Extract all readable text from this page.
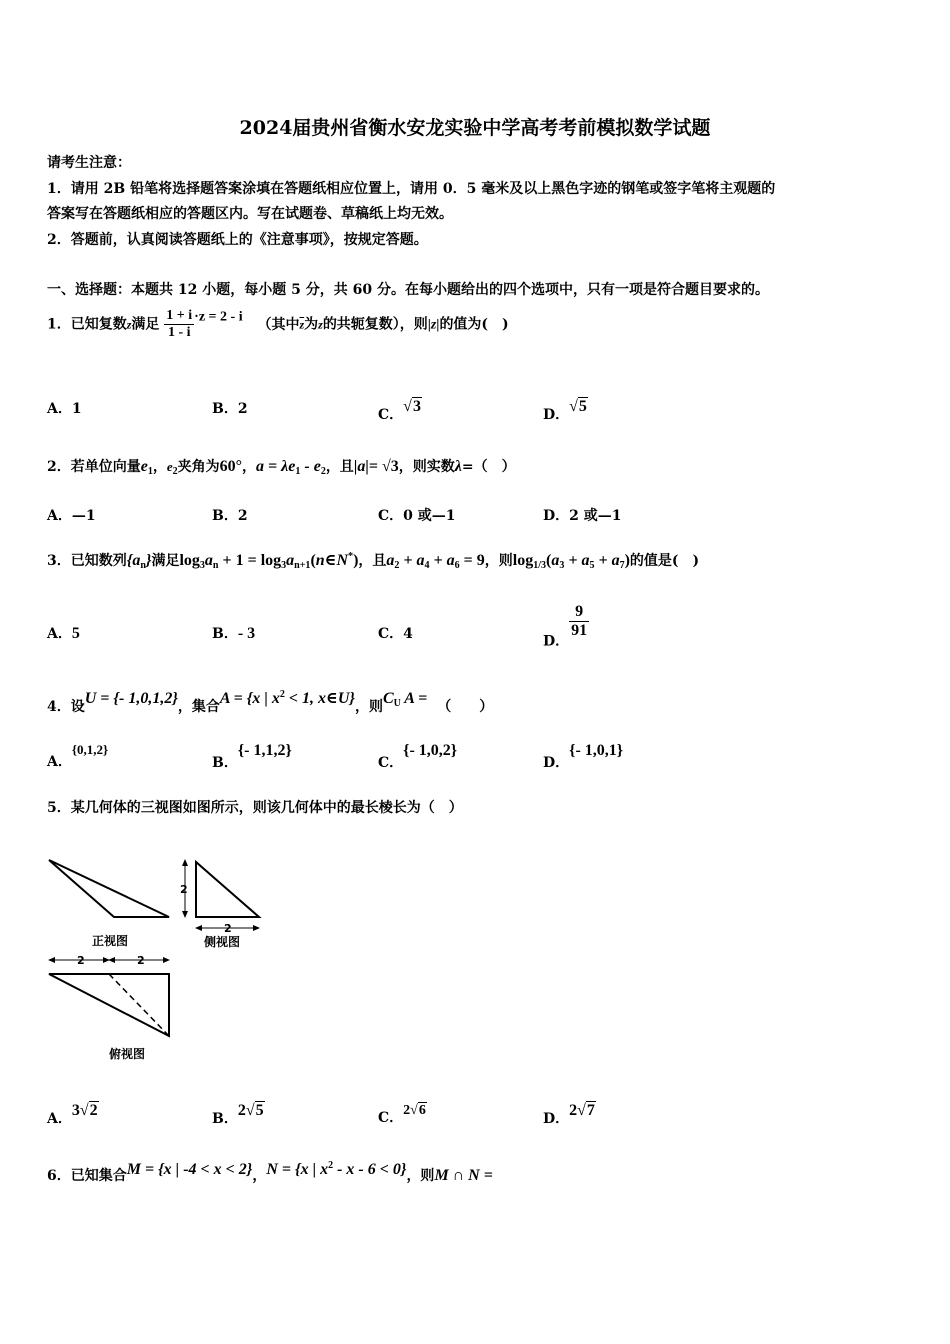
2024届贵州省衡水安龙实验中学高考考前模拟数学试题
请考生注意：
1．请用 2B 铅笔将选择题答案涂填在答题纸相应位置上，请用 0．5 毫米及以上黑色字迹的钢笔或签字笔将主观题的
答案写在答题纸相应的答题区内。写在试题卷、草稿纸上均无效。
2．答题前，认真阅读答题纸上的《注意事项》，按规定答题。
一、选择题：本题共 12 小题，每小题 5 分，共 60 分。在每小题给出的四个选项中，只有一项是符合题目要求的。
1．已知复数z满足 $\frac{1 + i}{1 - i} \cdot z = 2 - i$ （其中$\overline{z}$为z的共轭复数），则|z|的值为(　)
A．1	B．2	C．√3	D．√5
2．若单位向量$e_1$，$e_2$夹角为60°，$a = \lambda e_1 - e_2$，且|a|= √3，则实数λ=（　）
A．—1	B．2	C．0 或—1	D．2 或—1
3．已知数列$\{a_n\}$满足$\log_3a_n + 1$ = $\log_3a_{n+1}(n\in N^*)$，且$a_2 + a_4 + a_6 = 9$，则$\log_{1/3}(a_3 + a_5 + a_7)$的值是(　)
A．5	B．- 3	C．4	D．
$\frac{9}{91}$
4．设U = {- 1,0,1,2}，集合A = {x | $x^2 < 1$, x∈U}，则$C_U$ A = （　　）
A．{0,1,2}
B．{- 1,1,2}
C．{- 1,0,2}
D．{- 1,0,1}
5．某几何体的三视图如图所示，则该几何体中的最长棱长为（　）
正视图
2
2
侧视图
2	2
俯视图
A．3√2	B．2√5	C．2√6
D．2√7
6．已知集合M = {x | -4 < x < 2}，N = {x | $x^2 - x - 6 < 0$}，则M ∩ N =
